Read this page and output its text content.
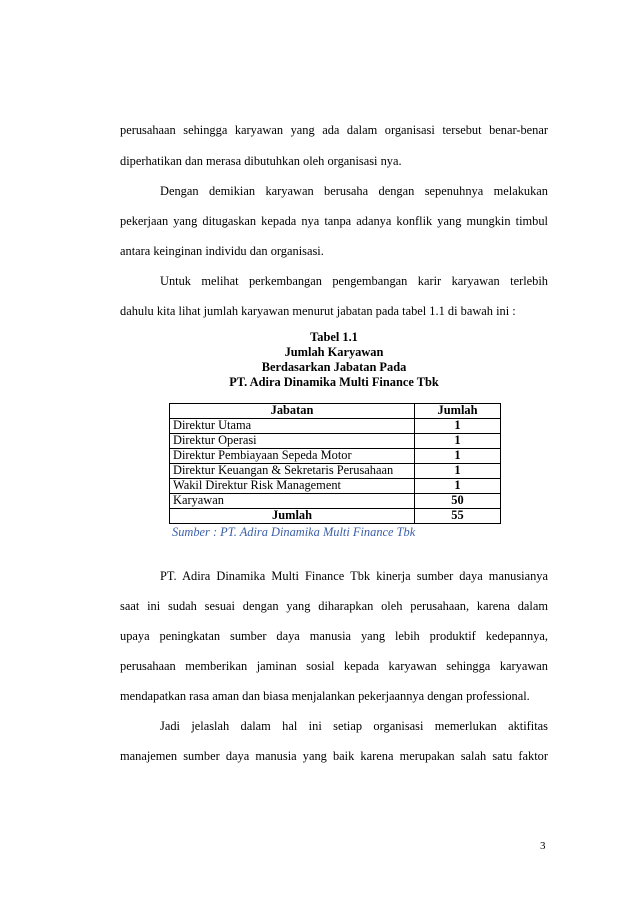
perusahaan sehingga karyawan yang ada dalam organisasi tersebut benar-benar

diperhatikan dan merasa dibutuhkan oleh organisasi nya.

Dengan demikian karyawan berusaha dengan sepenuhnya melakukan

pekerjaan yang ditugaskan kepada nya tanpa adanya konflik yang mungkin timbul

antara keinginan individu dan organisasi.

Untuk melihat perkembangan pengembangan karir karyawan terlebih

dahulu kita lihat jumlah karyawan menurut jabatan pada tabel 1.1 di bawah ini :

Tabel 1.1

Jumlah Karyawan

Berdasarkan Jabatan Pada

PT. Adira Dinamika Multi Finance Tbk

Jabatan	Jumlah
Direktur Utama	1
Direktur Operasi	1
Direktur Pembiayaan Sepeda Motor	1
Direktur Keuangan & Sekretaris Perusahaan	1
Wakil Direktur Risk Management	1
Karyawan	50
Jumlah	55

Sumber : PT. Adira Dinamika Multi Finance Tbk

PT. Adira Dinamika Multi Finance Tbk kinerja sumber daya manusianya

saat ini sudah sesuai dengan yang diharapkan oleh perusahaan, karena dalam

upaya peningkatan sumber daya manusia yang lebih produktif kedepannya,

perusahaan memberikan jaminan sosial kepada karyawan sehingga karyawan

mendapatkan rasa aman dan biasa menjalankan pekerjaannya dengan professional.

Jadi jelaslah dalam hal ini setiap organisasi memerlukan aktifitas

manajemen sumber daya manusia yang baik karena merupakan salah satu faktor

3
